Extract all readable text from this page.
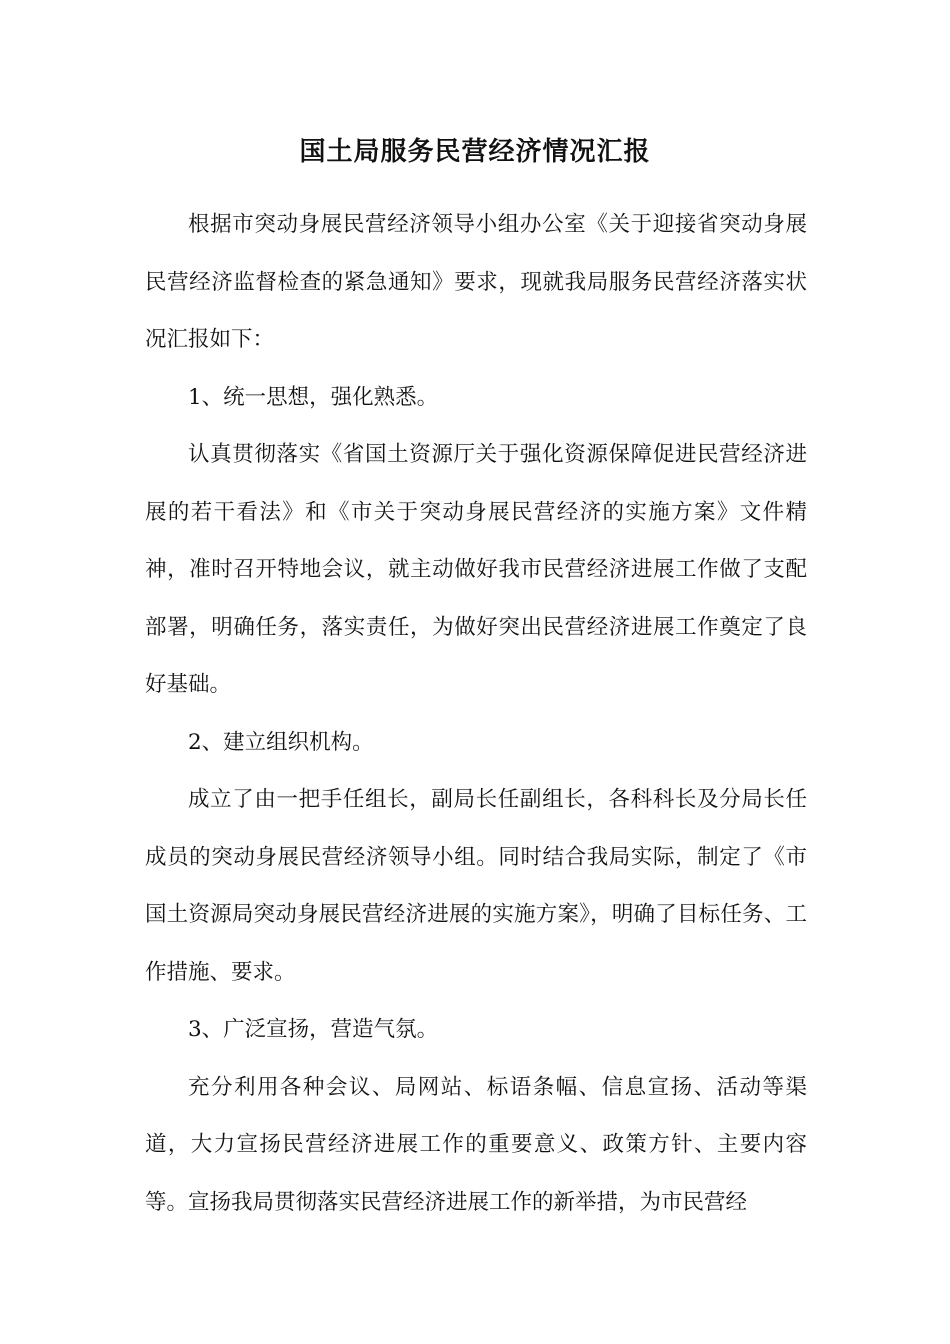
国土局服务民营经济情况汇报

根据市突动身展民营经济领导小组办公室《关于迎接省突动身展民营经济监督检查的紧急通知》要求，现就我局服务民营经济落实状况汇报如下：

1、统一思想，强化熟悉。

认真贯彻落实《省国土资源厅关于强化资源保障促进民营经济进展的若干看法》和《市关于突动身展民营经济的实施方案》文件精神，准时召开特地会议，就主动做好我市民营经济进展工作做了支配部署，明确任务，落实责任，为做好突出民营经济进展工作奠定了良好基础。

2、建立组织机构。

成立了由一把手任组长，副局长任副组长，各科科长及分局长任成员的突动身展民营经济领导小组。同时结合我局实际，制定了《市国土资源局突动身展民营经济进展的实施方案》，明确了目标任务、工作措施、要求。

3、广泛宣扬，营造气氛。

充分利用各种会议、局网站、标语条幅、信息宣扬、活动等渠道，大力宣扬民营经济进展工作的重要意义、政策方针、主要内容等。宣扬我局贯彻落实民营经济进展工作的新举措，为市民营经
